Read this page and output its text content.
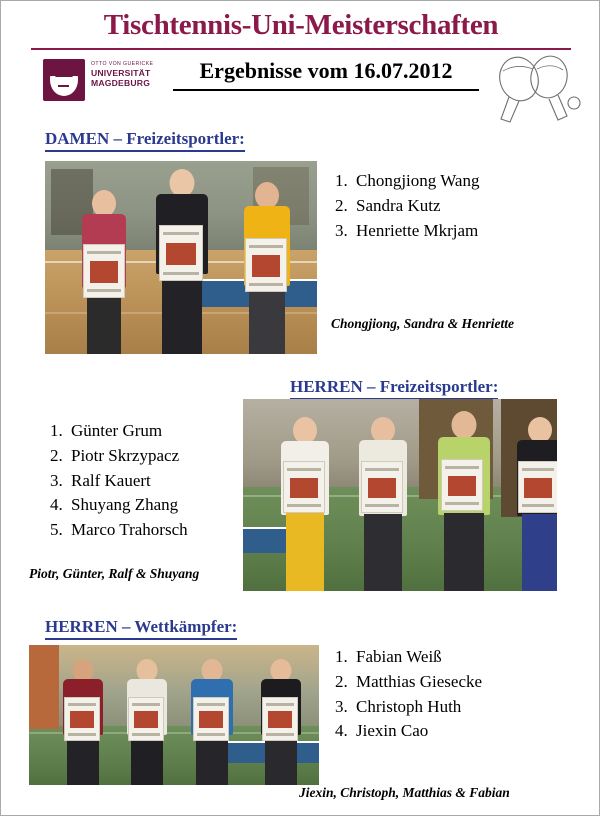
Tischtennis-Uni-Meisterschaften
Ergebnisse vom 16.07.2012
OTTO VON GUERICKE
UNIVERSITÄT
MAGDEBURG
DAMEN – Freizeitsportler:
1. Chongjiong Wang
2. Sandra Kutz
3. Henriette Mkrjam
Chongjiong, Sandra & Henriette
HERREN – Freizeitsportler:
1. Günter Grum
2. Piotr Skrzypacz
3. Ralf Kauert
4. Shuyang Zhang
5. Marco Trahorsch
Piotr, Günter, Ralf & Shuyang
HERREN – Wettkämpfer:
1. Fabian Weiß
2. Matthias Giesecke
3. Christoph Huth
4. Jiexin Cao
Jiexin, Christoph, Matthias & Fabian
